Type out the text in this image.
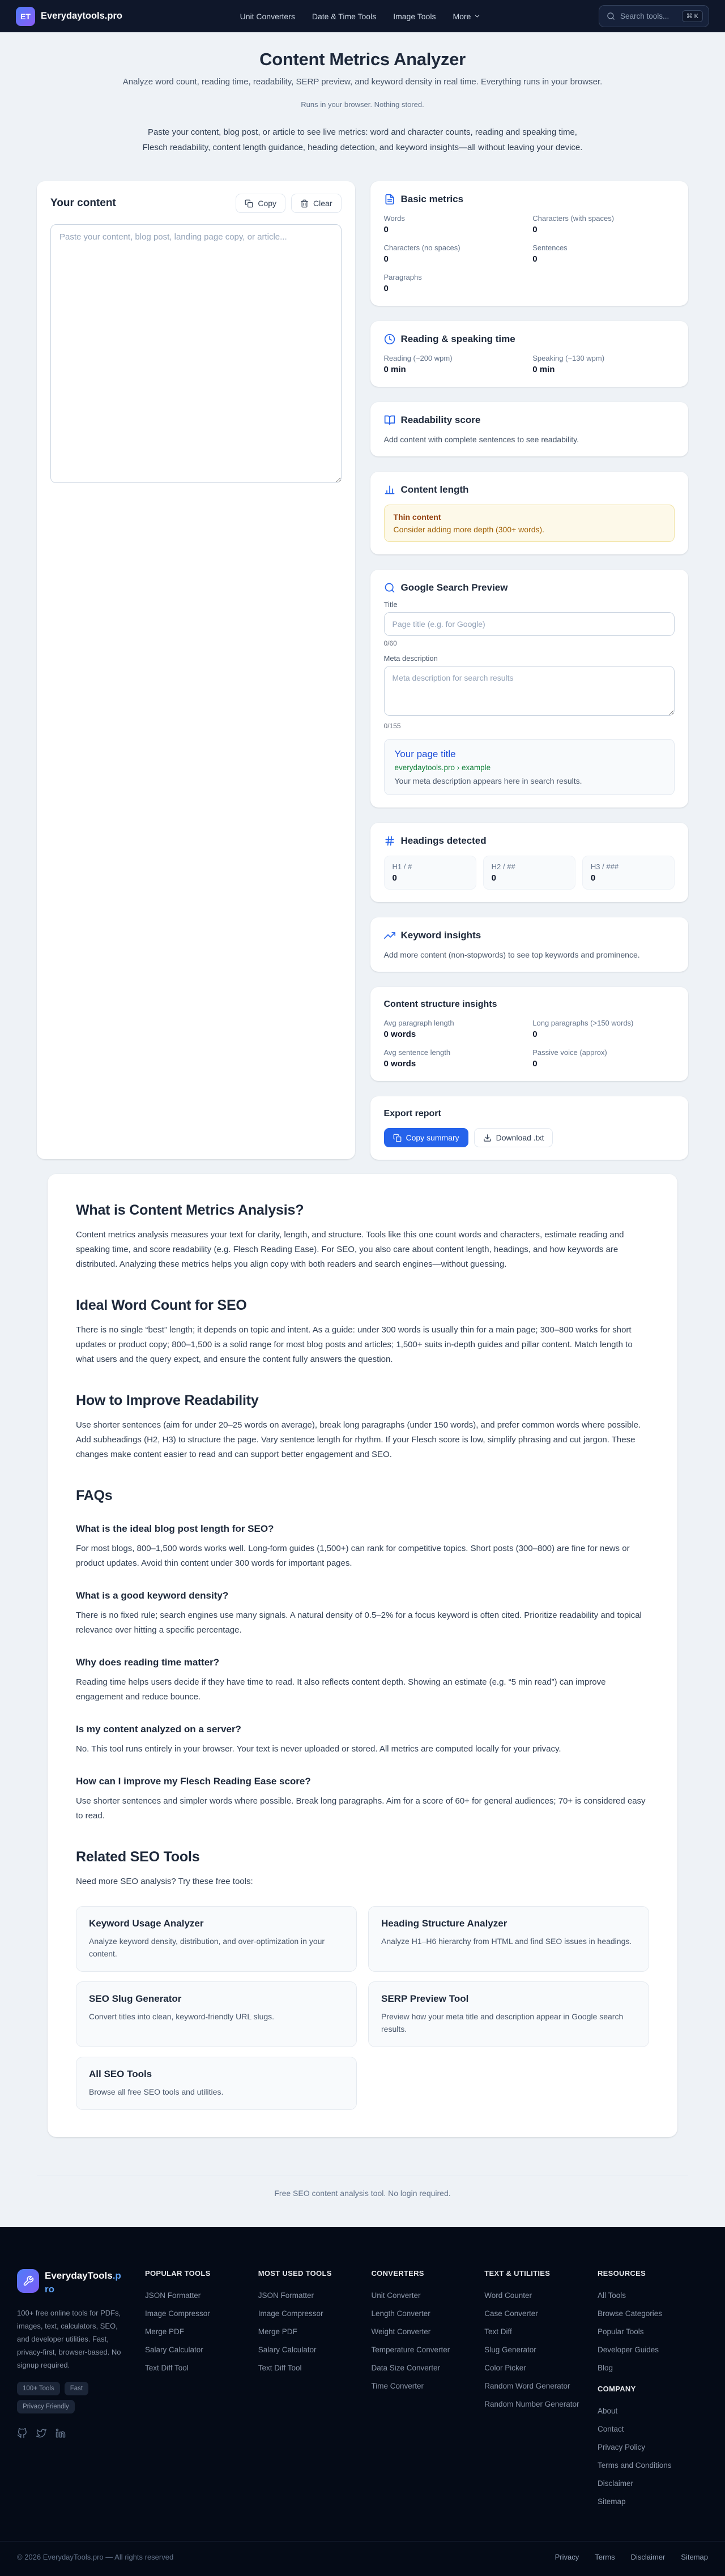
ET Everydaytools.pro	Unit Converters Date & Time Tools Image Tools More	Search tools...	⌘ K
Content Metrics Analyzer
Analyze word count, reading time, readability, SERP preview, and keyword density in real time. Everything runs in your browser.
Runs in your browser. Nothing stored.
Paste your content, blog post, or article to see live metrics: word and character counts, reading and speaking time, Flesch readability, content length guidance, heading detection, and keyword insights—all without leaving your device.
Your content	Copy	Clear
Paste your content, blog post, landing page copy, or article...	Basic metrics
Words
0
Characters (with spaces)
0
Characters (no spaces)
0
Sentences
0
Paragraphs
0
Reading & speaking time
Reading (~200 wpm)
0 min
Speaking (~130 wpm)
0 min
Readability score
Add content with complete sentences to see readability.
Content length
Thin content
Consider adding more depth (300+ words).
Google Search Preview
Title
Page title (e.g. for Google)
0/60
Meta description
Meta description for search results
0/155
Your page title
everydaytools.pro › example
Your meta description appears here in search results.
Headings detected
H1 / #
0
H2 / ##
0
H3 / ###
0
Keyword insights
Add more content (non-stopwords) to see top keywords and prominence.
Content structure insights
Avg paragraph length
0 words
Long paragraphs (>150 words)
0
Avg sentence length
0 words
Passive voice (approx)
0
Export report
Copy summary	Download .txt
What is Content Metrics Analysis?

Content metrics analysis measures your text for clarity, length, and structure. Tools like this one count words and characters, estimate reading and speaking time, and score readability (e.g. Flesch Reading Ease). For SEO, you also care about content length, headings, and how keywords are distributed. Analyzing these metrics helps you align copy with both readers and search engines—without guessing.

Ideal Word Count for SEO

There is no single “best” length; it depends on topic and intent. As a guide: under 300 words is usually thin for a main page; 300–800 works for short updates or product copy; 800–1,500 is a solid range for most blog posts and articles; 1,500+ suits in-depth guides and pillar content. Match length to what users and the query expect, and ensure the content fully answers the question.

How to Improve Readability

Use shorter sentences (aim for under 20–25 words on average), break long paragraphs (under 150 words), and prefer common words where possible. Add subheadings (H2, H3) to structure the page. Vary sentence length for rhythm. If your Flesch score is low, simplify phrasing and cut jargon. These changes make content easier to read and can support better engagement and SEO.

FAQs
What is the ideal blog post length for SEO?

For most blogs, 800–1,500 words works well. Long-form guides (1,500+) can rank for competitive topics. Short posts (300–800) are fine for news or product updates. Avoid thin content under 300 words for important pages.

What is a good keyword density?

There is no fixed rule; search engines use many signals. A natural density of 0.5–2% for a focus keyword is often cited. Prioritize readability and topical relevance over hitting a specific percentage.

Why does reading time matter?

Reading time helps users decide if they have time to read. It also reflects content depth. Showing an estimate (e.g. “5 min read”) can improve engagement and reduce bounce.

Is my content analyzed on a server?

No. This tool runs entirely in your browser. Your text is never uploaded or stored. All metrics are computed locally for your privacy.

How can I improve my Flesch Reading Ease score?

Use shorter sentences and simpler words where possible. Break long paragraphs. Aim for a score of 60+ for general audiences; 70+ is considered easy to read.

Related SEO Tools

Need more SEO analysis? Try these free tools:

Keyword Usage Analyzer

Analyze keyword density, distribution, and over-optimization in your content.

Heading Structure Analyzer

Analyze H1–H6 hierarchy from HTML and find SEO issues in headings.

SEO Slug Generator

Convert titles into clean, keyword-friendly URL slugs.

SERP Preview Tool

Preview how your meta title and description appear in Google search results.

All SEO Tools

Browse all free SEO tools and utilities.

Free SEO content analysis tool. No login required.
EverydayTools.pro
100+ free online tools for PDFs, images, text, calculators, SEO, and developer utilities. Fast, privacy-first, browser-based. No signup required.
100+ Tools	Fast
Privacy Friendly
POPULAR TOOLS
JSON Formatter
Image Compressor
Merge PDF
Salary Calculator
Text Diff Tool
MOST USED TOOLS
JSON Formatter
Image Compressor
Merge PDF
Salary Calculator
Text Diff Tool
CONVERTERS
Unit Converter
Length Converter
Weight Converter
Temperature Converter
Data Size Converter
Time Converter
TEXT & UTILITIES
Word Counter
Case Converter
Text Diff
Slug Generator
Color Picker
Random Word Generator
Random Number Generator
RESOURCES
All Tools
Browse Categories
Popular Tools
Developer Guides
Blog
COMPANY
About
Contact
Privacy Policy
Terms and Conditions
Disclaimer
Sitemap
© 2026 EverydayTools.pro — All rights reserved	Privacy Terms Disclaimer Sitemap
